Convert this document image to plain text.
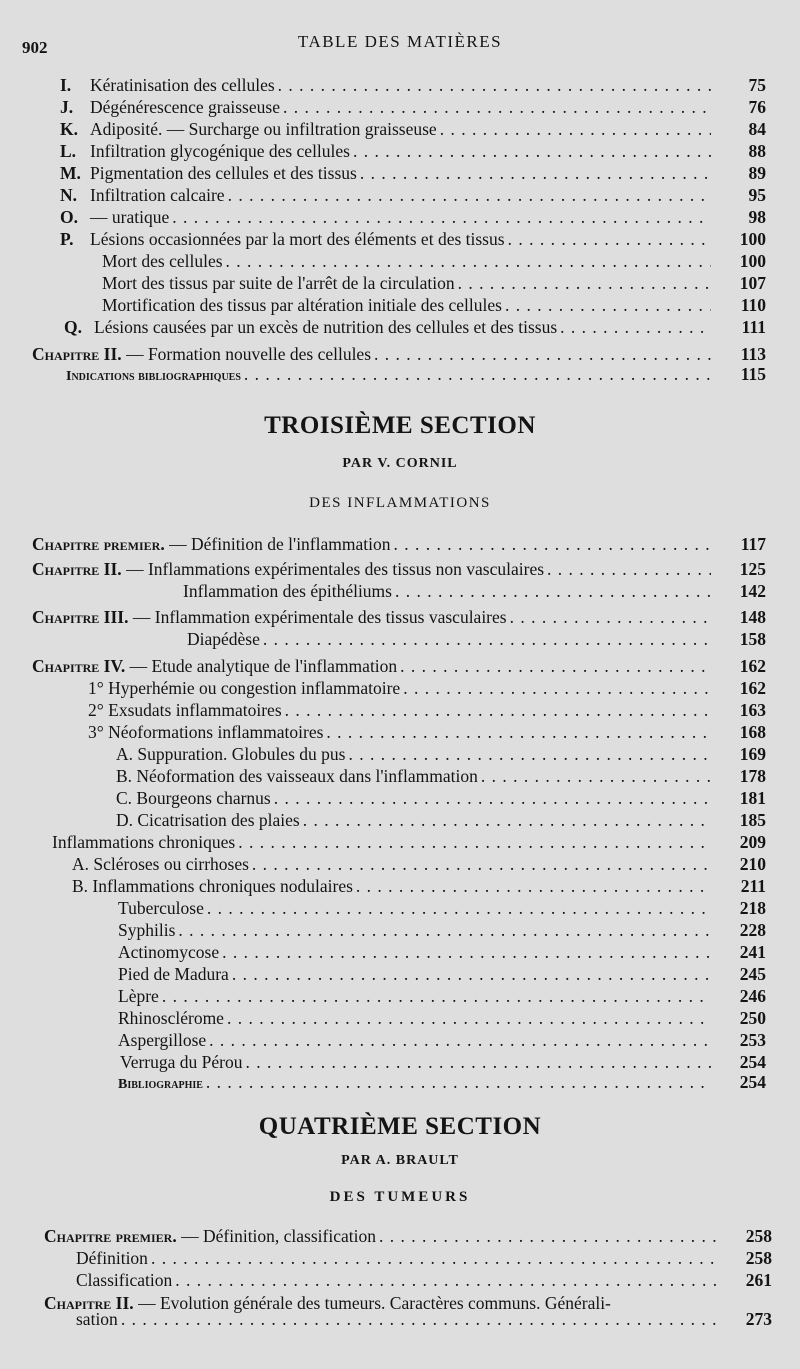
902	TABLE DES MATIÈRES
I.	Kératinisation des cellules . . .	75
J. Dégénérescence graisseuse . . .	76
K. Adiposité. — Surcharge ou infiltration graisseuse . . .	84
L. Infiltration glycogénique des cellules . . .	88
M. Pigmentation des cellules et des tissus . . .	89
N. Infiltration calcaire . . .	95
O. — uratique . . .	98
P. Lésions occasionnées par la mort des éléments et des tissus . . .	100
Mort des cellules . . .	100
Mort des tissus par suite de l'arrêt de la circulation . . .	107
Mortification des tissus par altération initiale des cellules . . .	110
Q. Lésions causées par un excès de nutrition des cellules et des tissus . . .	111
Chapitre II. — Formation nouvelle des cellules . . .	113
Indications bibliographiques . . .	115
TROISIÈME SECTION
PAR V. CORNIL
DES INFLAMMATIONS
Chapitre premier. — Définition de l'inflammation . . .	117
Chapitre II. — Inflammations expérimentales des tissus non vasculaires . . .	125
Inflammation des épithéliums . . .	142
Chapitre III. — Inflammation expérimentale des tissus vasculaires . . .	148
Diapédèse . . .	158
Chapitre IV. — Etude analytique de l'inflammation . . .	162
1° Hyperhémie ou congestion inflammatoire . . .	162
2° Exsudats inflammatoires . . .	163
3° Néoformations inflammatoires . . .	168
A. Suppuration. Globules du pus . . .	169
B. Néoformation des vaisseaux dans l'inflammation . . .	178
C. Bourgeons charnus . . .	181
D. Cicatrisation des plaies . . .	185
Inflammations chroniques . . .	209
A. Scléroses ou cirrhoses . . .	210
B. Inflammations chroniques nodulaires . . .	211
Tuberculose . . .	218
Syphilis . . .	228
Actinomycose . . .	241
Pied de Madura . . .	245
Lèpre . . .	246
Rhinosclérome . . .	250
Aspergillose . . .	253
Verruga du Pérou . . .	254
Bibliographie . . .	254
QUATRIÈME SECTION
PAR A. BRAULT
DES TUMEURS
Chapitre premier. — Définition, classification . . .	258
Définition . . .	258
Classification . . .	261
Chapitre II. — Evolution générale des tumeurs. Caractères communs. Générali-
sation . . .	273
